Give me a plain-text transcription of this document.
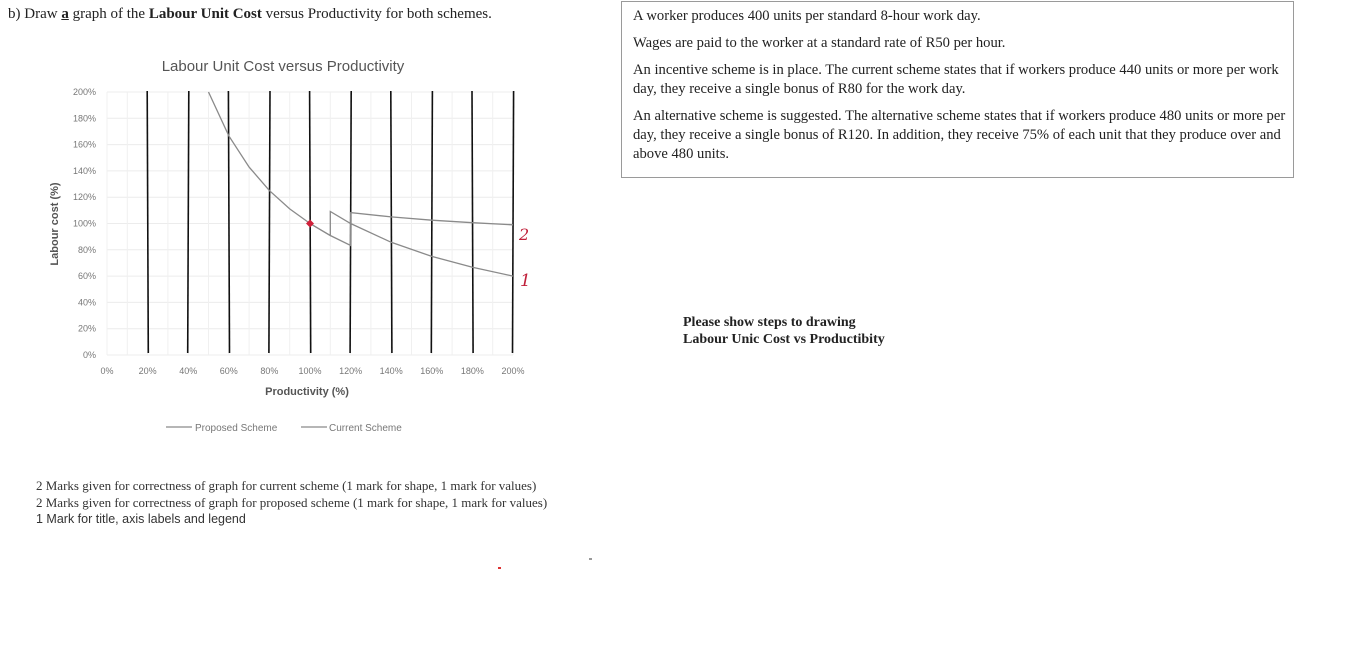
b) Draw a graph of the Labour Unit Cost versus Productivity for both schemes.
Labour Unit Cost versus Productivity
0%
20%
40%
60%
80%
100%
120%
140%
160%
180%
200%
0%	20%	40%	60%	80% 100% 120% 140% 160% 180% 200%
Productivity (%)
Labour cost (%)	2
1
Proposed Scheme	Current Scheme

A worker produces 400 units per standard 8-hour work day.

Wages are paid to the worker at a standard rate of R50 per hour.

An incentive scheme is in place. The current scheme states that if workers produce 440 units or more per work day, they receive a single bonus of R80 for the work day.

An alternative scheme is suggested. The alternative scheme states that if workers produce 480 units or more per day, they receive a single bonus of R120. In addition, they receive 75% of each unit that they produce over and above 480 units.

Please show steps to drawing
Labour Unic Cost vs Productibity
2 Marks given for correctness of graph for current scheme (1 mark for shape, 1 mark for values)
2 Marks given for correctness of graph for proposed scheme (1 mark for shape, 1 mark for values)
1 Mark for title, axis labels and legend
